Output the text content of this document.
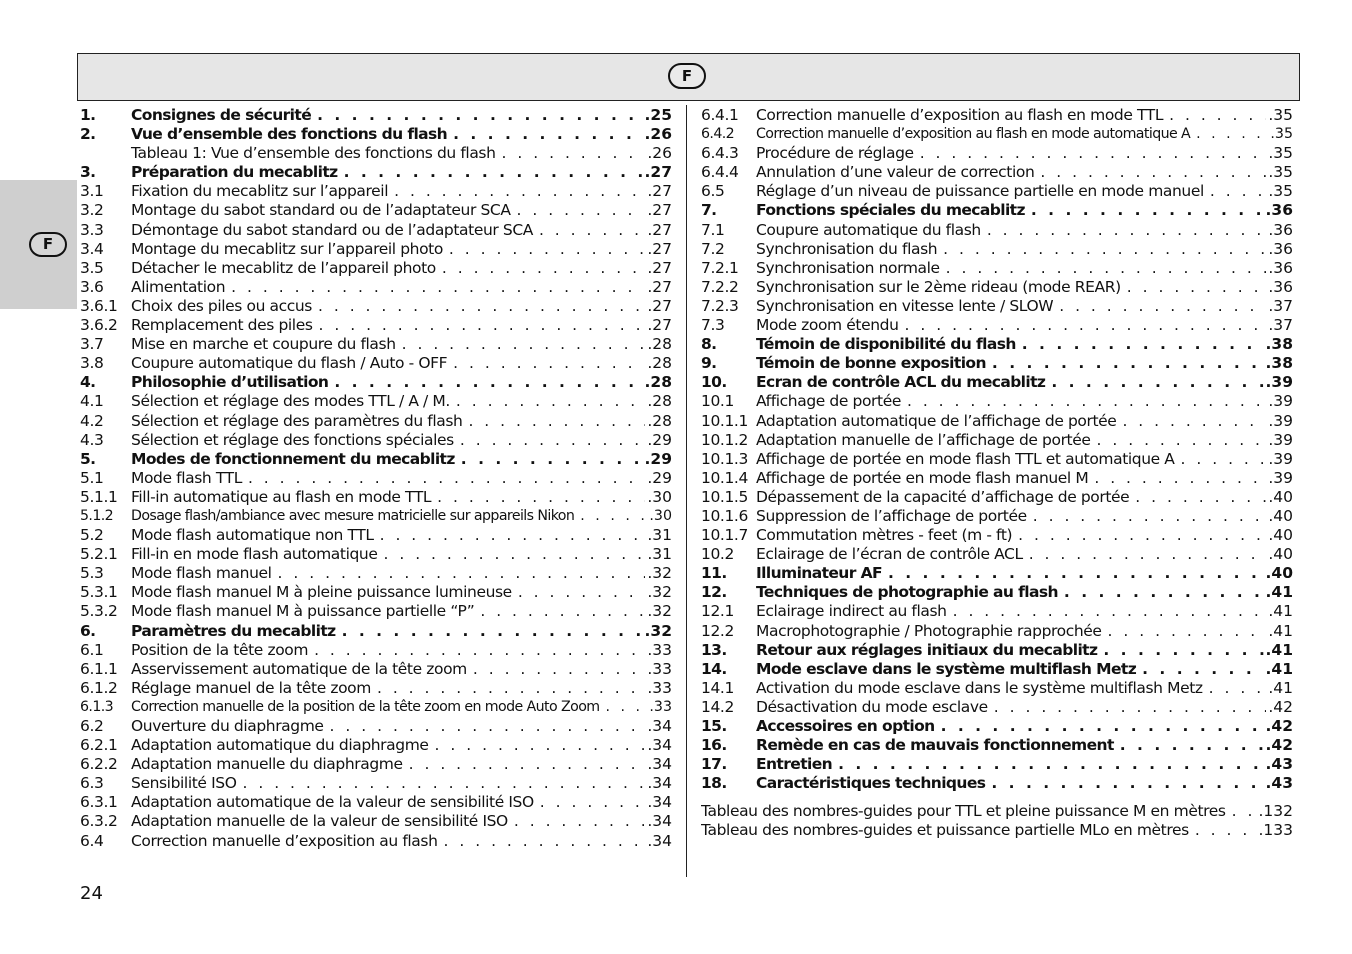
F
F
1.	Consignes de sécurité . . .	.25
2.	Vue d’ensemble des fonctions du flash . . .	.26
Tableau 1: Vue d’ensemble des fonctions du flash . . .	.26
3.	Préparation du mecablitz . . .	.27
3.1	Fixation du mecablitz sur l’appareil . . .	.27
3.2	Montage du sabot standard ou de l’adaptateur SCA . . .	.27
3.3	Démontage du sabot standard ou de l’adaptateur SCA . . .	.27
3.4	Montage du mecablitz sur l’appareil photo . . .	.27
3.5	Détacher le mecablitz de l’appareil photo . . .	.27
3.6	Alimentation . . .	.27
3.6.1 Choix des piles ou accus . . .	.27
3.6.2 Remplacement des piles . . .	.27
3.7	Mise en marche et coupure du flash . . .	.28
3.8	Coupure automatique du flash / Auto - OFF . . .	.28
4.	Philosophie d’utilisation . . .	.28
4.1	Sélection et réglage des modes TTL / A / M. . . .	.28
4.2	Sélection et réglage des paramètres du flash . . .	.28
4.3	Sélection et réglage des fonctions spéciales . . .	.29
5.	Modes de fonctionnement du mecablitz . . .	.29
5.1	Mode flash TTL . . .	.29
5.1.1 Fill-in automatique au flash en mode TTL . . .	.30
5.1.2	Dosage flash/ambiance avec mesure matricielle sur appareils Nikon . . .	.30
5.2	Mode flash automatique non TTL . . .	.31
5.2.1 Fill-in en mode flash automatique . . .	.31
5.3	Mode flash manuel . . .	.32
5.3.1 Mode flash manuel M à pleine puissance lumineuse . . .	.32
5.3.2 Mode flash manuel M à puissance partielle “P” . . .	.32
6.	Paramètres du mecablitz . . .	.32
6.1	Position de la tête zoom . . .	.33
6.1.1 Asservissement automatique de la tête zoom . . .	.33
6.1.2 Réglage manuel de la tête zoom . . .	.33
6.1.3	Correction manuelle de la position de la tête zoom en mode Auto Zoom . . .	.33
6.2	Ouverture du diaphragme . . .	.34
6.2.1 Adaptation automatique du diaphragme . . .	.34
6.2.2 Adaptation manuelle du diaphragme . . .	.34
6.3	Sensibilité ISO . . .	.34
6.3.1 Adaptation automatique de la valeur de sensibilité ISO . . .	.34
6.3.2 Adaptation manuelle de la valeur de sensibilité ISO . . .	.34
6.4	Correction manuelle d’exposition au flash . . .	.34
6.4.1	Correction manuelle d’exposition au flash en mode TTL . . .	.35
6.4.2	Correction manuelle d’exposition au flash en mode automatique A . . .	.35
6.4.3	Procédure de réglage . . .	.35
6.4.4	Annulation d’une valeur de correction . . .	.35
6.5	Réglage d’un niveau de puissance partielle en mode manuel . . .	.35
7.	Fonctions spéciales du mecablitz . . .	.36
7.1	Coupure automatique du flash . . .	.36
7.2	Synchronisation du flash . . .	.36
7.2.1	Synchronisation normale . . .	.36
7.2.2	Synchronisation sur le 2ème rideau (mode REAR) . . .	.36
7.2.3	Synchronisation en vitesse lente / SLOW . . .	.37
7.3	Mode zoom étendu . . .	.37
8.	Témoin de disponibilité du flash . . .	.38
9.	Témoin de bonne exposition . . .	.38
10.	Ecran de contrôle ACL du mecablitz . . .	.39
10.1	Affichage de portée . . .	.39
10.1.1 Adaptation automatique de l’affichage de portée . . .	.39
10.1.2 Adaptation manuelle de l’affichage de portée . . .	.39
10.1.3 Affichage de portée en mode flash TTL et automatique A . . .	.39
10.1.4 Affichage de portée en mode flash manuel M . . .	.39
10.1.5 Dépassement de la capacité d’affichage de portée . . .	.40
10.1.6 Suppression de l’affichage de portée . . .	.40
10.1.7 Commutation mètres - feet (m - ft) . . .	.40
10.2	Eclairage de l’écran de contrôle ACL . . .	.40
11.	Illuminateur AF . . .	.40
12.	Techniques de photographie au flash . . .	.41
12.1	Eclairage indirect au flash . . .	.41
12.2	Macrophotographie / Photographie rapprochée . . .	.41
13.	Retour aux réglages initiaux du mecablitz . . .	.41
14.	Mode esclave dans le système multiflash Metz . . .	.41
14.1	Activation du mode esclave dans le système multiflash Metz . . .	.41
14.2	Désactivation du mode esclave . . .	.42
15.	Accessoires en option . . .	.42
16.	Remède en cas de mauvais fonctionnement . . .	.42
17.	Entretien . . .	.43
18.	Caractéristiques techniques . . .	.43
Tableau des nombres-guides pour TTL et pleine puissance M en mètres . . . .132
Tableau des nombres-guides et puissance partielle MLo en mètres . . .	.133
24
